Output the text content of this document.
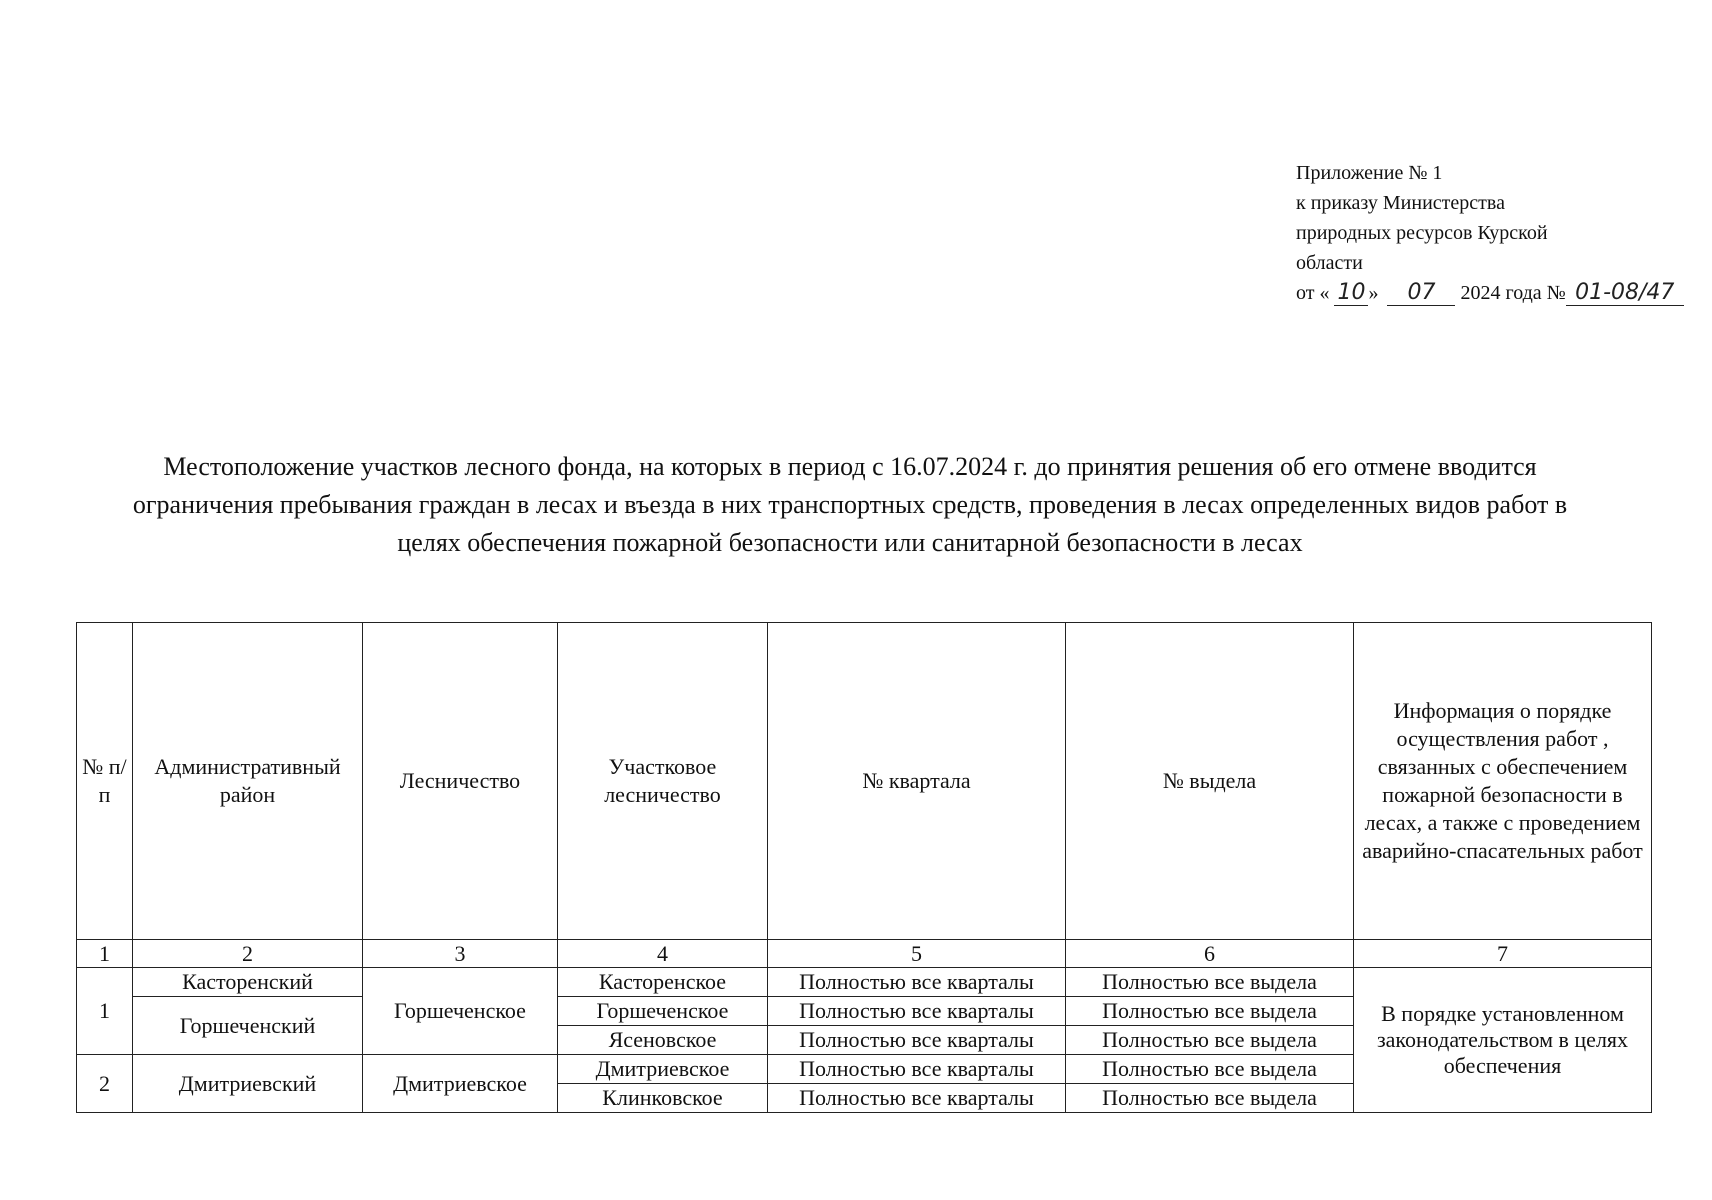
Приложение № 1
к приказу Министерства
природных ресурсов Курской
области
от « 10 » 07 2024 года № 01-08/47
Местоположение участков лесного фонда, на которых в период с 16.07.2024 г. до принятия решения об его отмене вводится ограничения пребывания граждан в лесах и въезда в них транспортных средств, проведения в лесах определенных видов работ в целях обеспечения пожарной безопасности или санитарной безопасности в лесах
№ п/п	Административный район	Лесничество	Участковое лесничество	№ квартала	№ выдела	Информация о порядке осуществления работ , связанных с обеспечением пожарной безопасности в лесах, а также с проведением аварийно-спасательных работ
1	2	3	4	5	6	7
1	Касторенский	Горшеченское	Касторенское	Полностью все кварталы	Полностью все выдела	В порядке установленном законодательством в целях обеспечения
	Горшеченский		Горшеченское	Полностью все кварталы	Полностью все выдела	
			Ясеновское	Полностью все кварталы	Полностью все выдела	
2	Дмитриевский	Дмитриевское	Дмитриевское	Полностью все кварталы	Полностью все выдела	
			Клинковское	Полностью все кварталы	Полностью все выдела	
